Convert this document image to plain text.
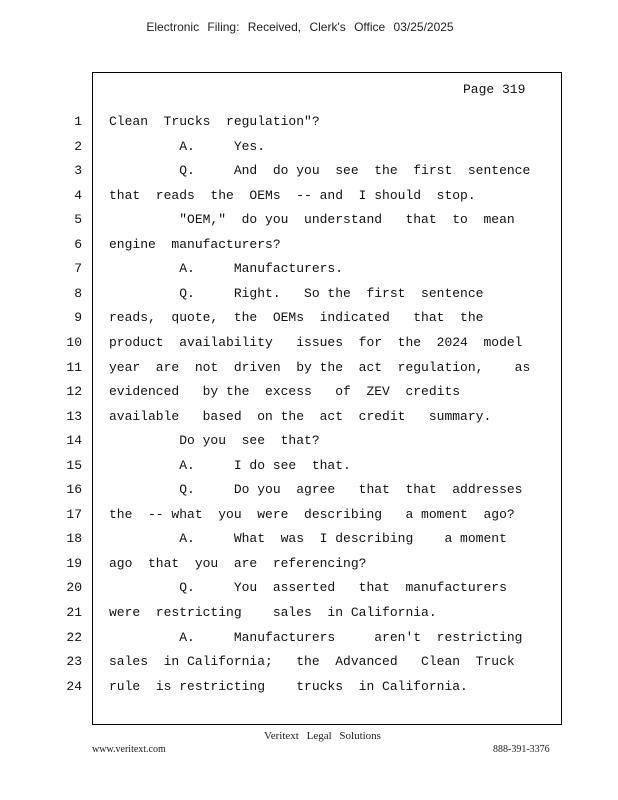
Electronic Filing: Received, Clerk's Office 03/25/2025
Page 319
1 Clean  Trucks  regulation"?
2 A.     Yes.
3 Q.     And  do you  see  the  first  sentence
4 that  reads  the  OEMs  -- and  I should  stop.
5 "OEM,"  do you  understand   that  to  mean
6 engine  manufacturers?
7 A.     Manufacturers.
8 Q.     Right.   So the  first  sentence
9 reads,  quote,  the  OEMs  indicated   that  the
10 product  availability   issues  for  the  2024  model
11 year  are  not  driven  by the  act  regulation,    as
12 evidenced   by the  excess   of  ZEV  credits
13 available   based  on the  act  credit   summary.
14 Do you  see  that?
15 A.     I do see  that.
16 Q.     Do you  agree   that  that  addresses
17 the  -- what  you  were  describing   a moment  ago?
18 A.     What  was  I describing    a moment
19 ago  that  you  are  referencing?
20 Q.     You  asserted   that  manufacturers
21 were  restricting    sales  in California.
22 A.     Manufacturers     aren't  restricting
23 sales  in California;   the  Advanced   Clean  Truck
24 rule  is restricting    trucks  in California.
Veritext Legal Solutions
www.veritext.com	888-391-3376
